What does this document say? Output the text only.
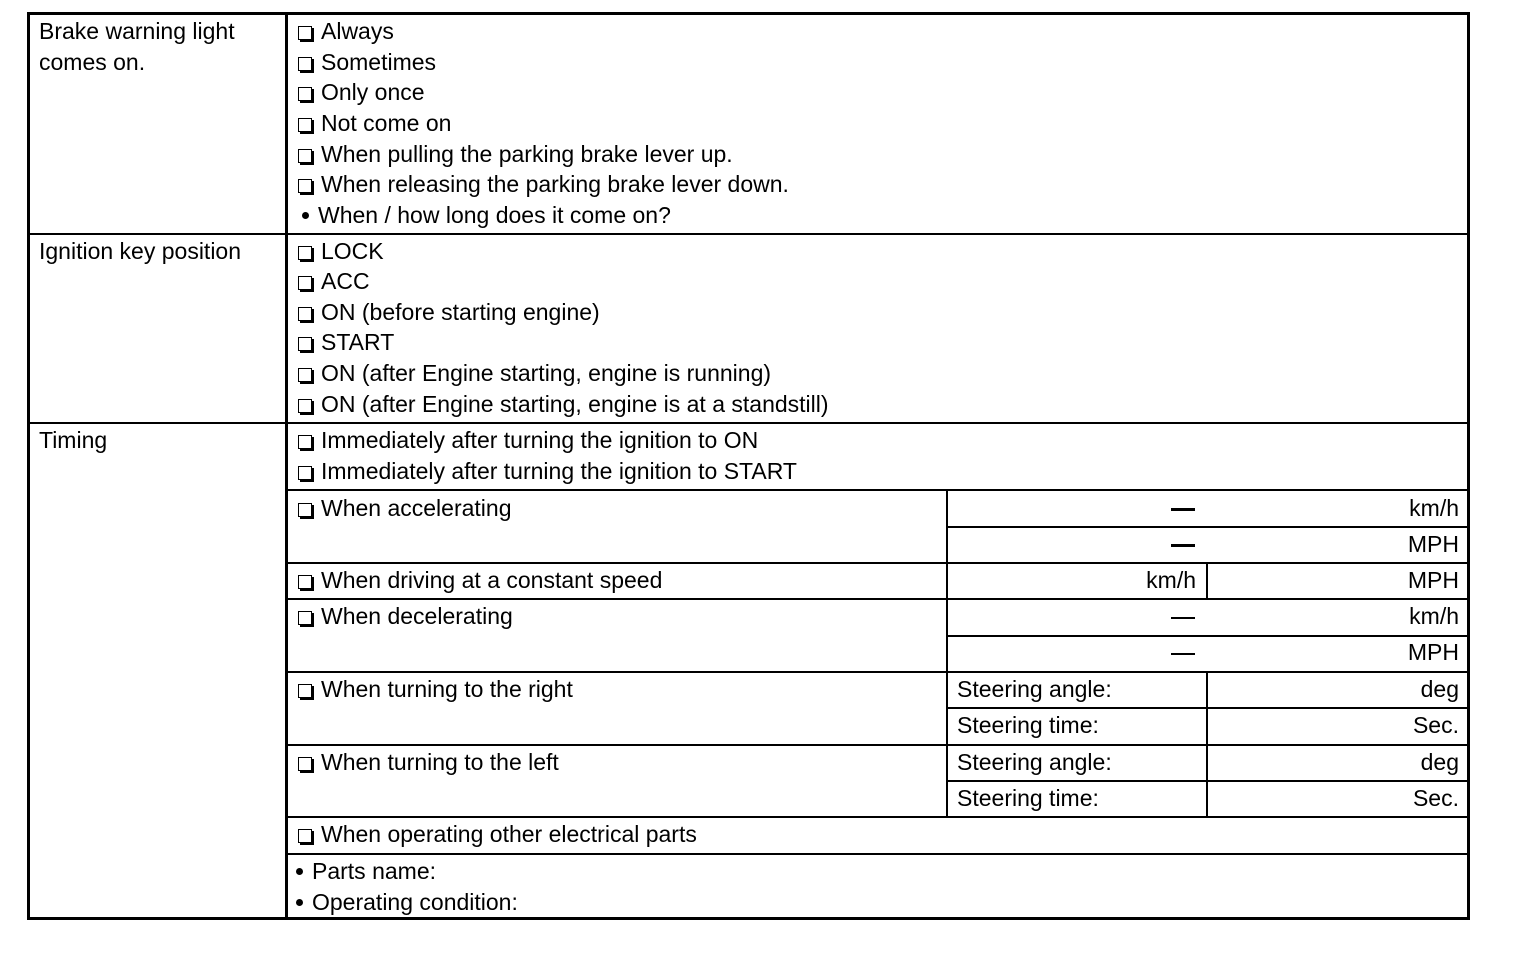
Brake warning light comes on.
Always
Sometimes
Only once
Not come on
When pulling the parking brake lever up.
When releasing the parking brake lever down.
When / how long does it come on?
Ignition key position	LOCK
ACC
ON (before starting engine)
START
ON (after Engine starting, engine is running)
ON (after Engine starting, engine is at a standstill)
Timing	Immediately after turning the ignition to ON
Immediately after turning the ignition to START
When accelerating	km/h
MPH
When driving at a constant speed	km/h	MPH
When decelerating	km/h
MPH
When turning to the right	Steering angle:	deg
Steering time:	Sec.
When turning to the left	Steering angle:	deg
Steering time:	Sec.
When operating other electrical parts
Parts name:
Operating condition:
